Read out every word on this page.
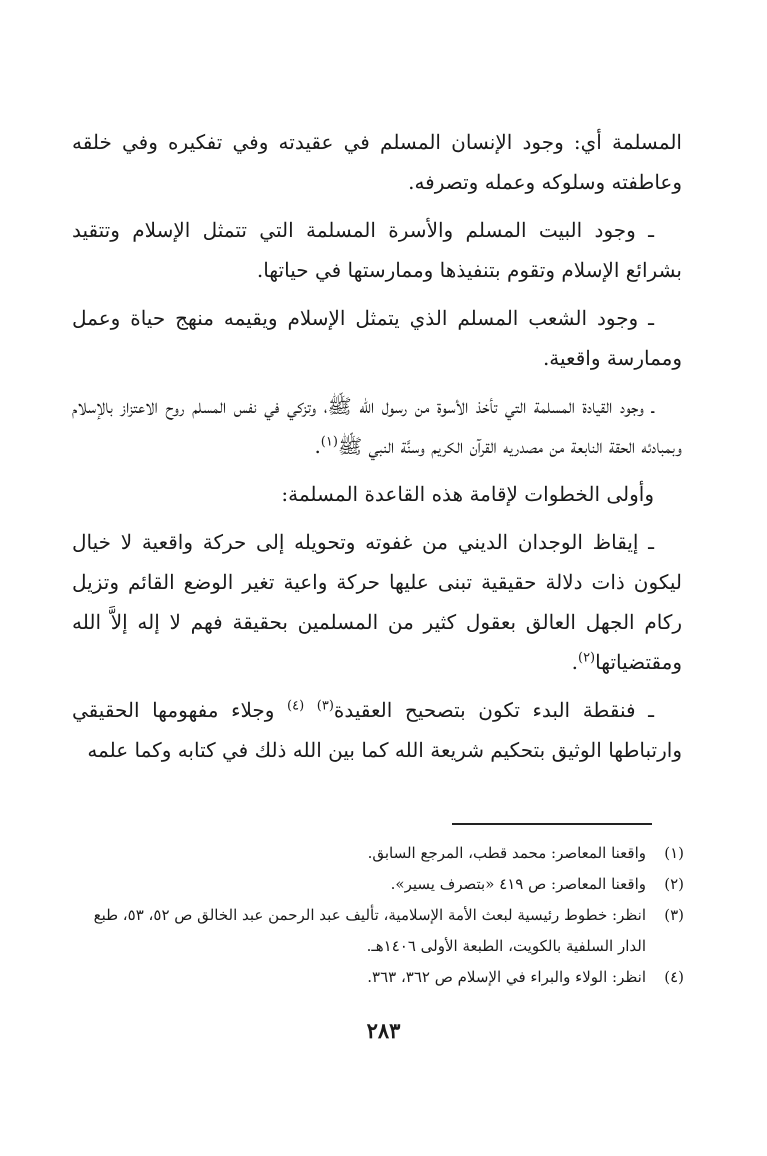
المسلمة أي: وجود الإنسان المسلم في عقيدته وفي تفكيره وفي خلقه وعاطفته وسلوكه وعمله وتصرفه.

ـ وجود البيت المسلم والأسرة المسلمة التي تتمثل الإسلام وتتقيد بشرائع الإسلام وتقوم بتنفيذها وممارستها في حياتها.

ـ وجود الشعب المسلم الذي يتمثل الإسلام ويقيمه منهج حياة وعمل وممارسة واقعية.

ـ وجود القيادة المسلمة التي تأخذ الأسوة من رسول الله ﷺ، وتزكي في نفس المسلم روح الاعتزاز بالإسلام وبمبادئه الحقة النابعة من مصدريه القرآن الكريم وسنَّة النبي ﷺ$^{(١)}$.

وأولى الخطوات لإقامة هذه القاعدة المسلمة:

ـ إيقاظ الوجدان الديني من غفوته وتحويله إلى حركة واقعية لا خيال ليكون ذات دلالة حقيقية تبنى عليها حركة واعية تغير الوضع القائم وتزيل ركام الجهل العالق بعقول كثير من المسلمين بحقيقة فهم لا إله إلاَّ الله ومقتضياتها$^{(٢)}$.

ـ فنقطة البدء تكون بتصحيح العقيدة$^{(٣)}$ $^{(٤)}$ وجلاء مفهومها الحقيقي وارتباطها الوثيق بتحكيم شريعة الله كما بين الله ذلك في كتابه وكما علمه

(١)واقعنا المعاصر: محمد قطب، المرجع السابق.

(٢)واقعنا المعاصر: ص ٤١٩ «بتصرف يسير».

(٣)انظر: خطوط رئيسية لبعث الأمة الإسلامية، تأليف عبد الرحمن عبد الخالق ص ٥٢، ٥٣، طبع الدار السلفية بالكويت، الطبعة الأولى ١٤٠٦هـ.

(٤)انظر: الولاء والبراء في الإسلام ص ٣٦٢، ٣٦٣.

٢٨٣
